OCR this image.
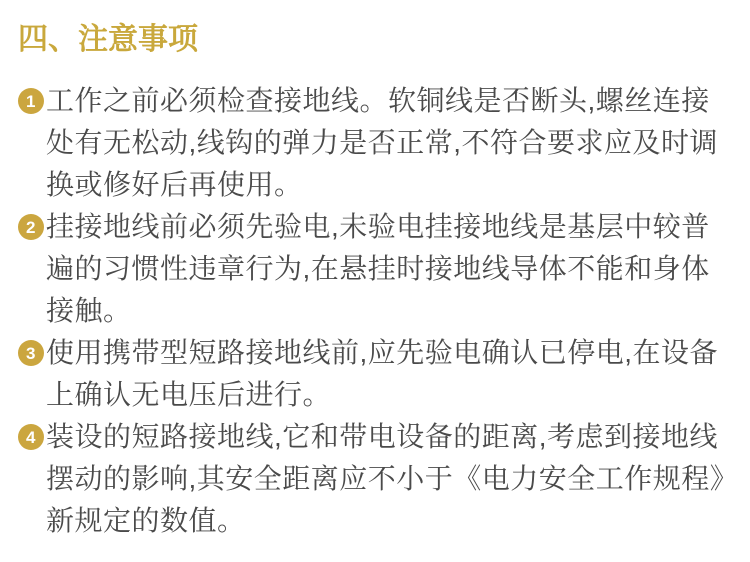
四、注意事项
1 工作之前必须检查接地线。软铜线是否断头,螺丝连接处有无松动,线钩的弹力是否正常,不符合要求应及时调换或修好后再使用。
2 挂接地线前必须先验电,未验电挂接地线是基层中较普遍的习惯性违章行为,在悬挂时接地线导体不能和身体接触。
3 使用携带型短路接地线前,应先验电确认已停电,在设备上确认无电压后进行。
4 装设的短路接地线,它和带电设备的距离,考虑到接地线摆动的影响,其安全距离应不小于《电力安全工作规程》新规定的数值。
